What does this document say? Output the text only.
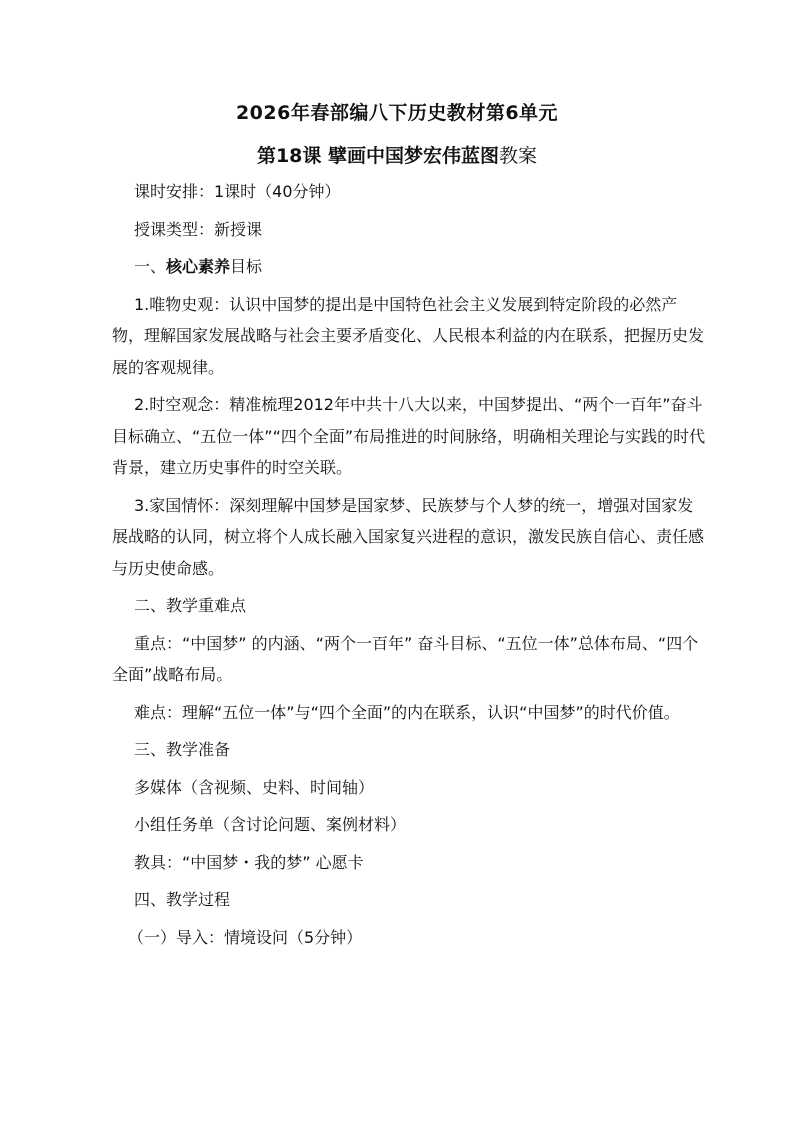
2026年春部编八下历史教材第6单元
第18课 擘画中国梦宏伟蓝图教案

课时安排：1课时（40分钟）

授课类型：新授课

一、核心素养目标

1.唯物史观：认识中国梦的提出是中国特色社会主义发展到特定阶段的必然产物，理解国家发展战略与社会主要矛盾变化、人民根本利益的内在联系，把握历史发展的客观规律。

2.时空观念：精准梳理2012年中共十八大以来，中国梦提出、“两个一百年”奋斗目标确立、“五位一体”“四个全面”布局推进的时间脉络，明确相关理论与实践的时代背景，建立历史事件的时空关联。

3.家国情怀：深刻理解中国梦是国家梦、民族梦与个人梦的统一，增强对国家发展战略的认同，树立将个人成长融入国家复兴进程的意识，激发民族自信心、责任感与历史使命感。

二、教学重难点

重点：“中国梦” 的内涵、“两个一百年” 奋斗目标、“五位一体”总体布局、“四个全面”战略布局。

难点：理解“五位一体”与“四个全面”的内在联系，认识“中国梦”的时代价值。

三、教学准备

多媒体（含视频、史料、时间轴）

小组任务单（含讨论问题、案例材料）

教具：“中国梦・我的梦” 心愿卡

四、教学过程

（一）导入：情境设问（5分钟）
